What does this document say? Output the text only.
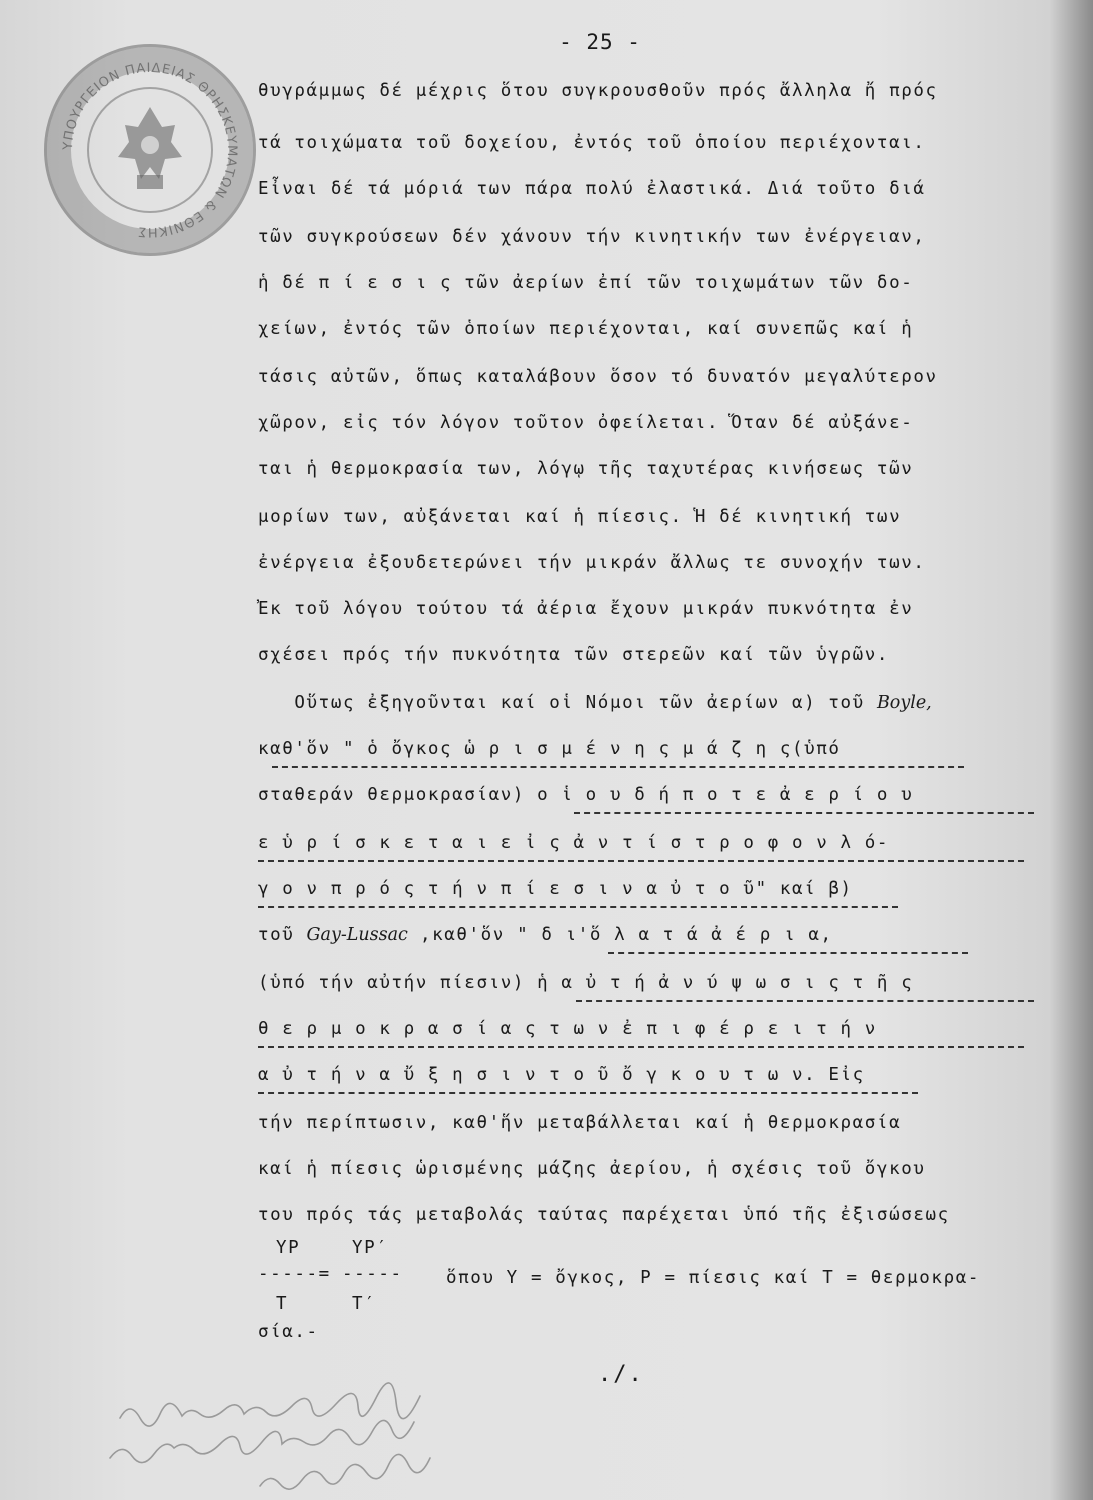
- 25 -
ΥΠΟΥΡΓΕΙΟΝ ΠΑΙΔΕΙΑΣ ΘΡΗΣΚΕΥΜΑΤΩΝ & ΕΘΝΙΚΗΣ
θυγράμμως δέ μέχρις ὅτου συγκρουσθοῦν πρός ἄλληλα ἤ πρός
τά τοιχώματα τοῦ δοχείου, ἐντός τοῦ ὁποίου περιέχονται.
Εἶναι δέ τά μόριά των πάρα πολύ ἐλαστικά. Διά τοῦτο διά
τῶν συγκρούσεων δέν χάνουν τήν κινητικήν των ἐνέργειαν,
ἡ δέ π ί ε σ ι ς τῶν ἀερίων ἐπί τῶν τοιχωμάτων τῶν δο-
χείων, ἐντός τῶν ὁποίων περιέχονται, καί συνεπῶς καί ἡ
τάσις αὐτῶν, ὅπως καταλάβουν ὅσον τό δυνατόν μεγαλύτερον
χῶρον, εἰς τόν λόγον τοῦτον ὀφείλεται. Ὅταν δέ αὐξάνε-
ται ἡ θερμοκρασία των, λόγῳ τῆς ταχυτέρας κινήσεως τῶν
μορίων των, αὐξάνεται καί ἡ πίεσις. Ἡ δέ κινητική των
ἐνέργεια ἐξουδετερώνει τήν μικράν ἄλλως τε συνοχήν των.
Ἐκ τοῦ λόγου τούτου τά ἀέρια ἔχουν μικράν πυκνότητα ἐν
σχέσει πρός τήν πυκνότητα τῶν στερεῶν καί τῶν ὑγρῶν.
Οὕτως ἐξηγοῦνται καί οἱ Νόμοι τῶν ἀερίων α) τοῦ Boyle,
καθ'ὅν " ὁ ὄγκος ὡ ρ ι σ μ έ ν η ς μ ά ζ η ς(ὑπό
σταθεράν θερμοκρασίαν) ο ἱ ο υ δ ή π ο τ ε ἀ ε ρ ί ο υ
ε ὑ ρ ί σ κ ε τ α ι ε ἰ ς ἀ ν τ ί σ τ ρ ο φ ο ν λ ό-
γ ο ν π ρ ό ς τ ή ν π ί ε σ ι ν α ὐ τ ο ῦ" καί β)
τοῦ Gay-Lussac ,καθ'ὅν " δ ι'ὅ λ α τ ά ἀ έ ρ ι α,
(ὑπό τήν αὐτήν πίεσιν) ἡ α ὐ τ ή ἀ ν ύ ψ ω σ ι ς τ ῆ ς
θ ε ρ μ ο κ ρ α σ ί α ς τ ω ν ἐ π ι φ έ ρ ε ι τ ή ν
α ὐ τ ή ν α ὔ ξ η σ ι ν τ ο ῦ ὄ γ κ ο υ τ ω ν. Εἰς
τήν περίπτωσιν, καθ'ἥν μεταβάλλεται καί ἡ θερμοκρασία
καί ἡ πίεσις ὡρισμένης μάζης ἀερίου, ἡ σχέσις τοῦ ὄγκου
του πρός τάς μεταβολάς ταύτας παρέχεται ὑπό τῆς ἐξισώσεως
YP
-----=
T
YP′
-----
T′
ὅπου Υ = ὄγκος, Ρ = πίεσις καί Τ = θερμοκρα-
σία.-
./.
